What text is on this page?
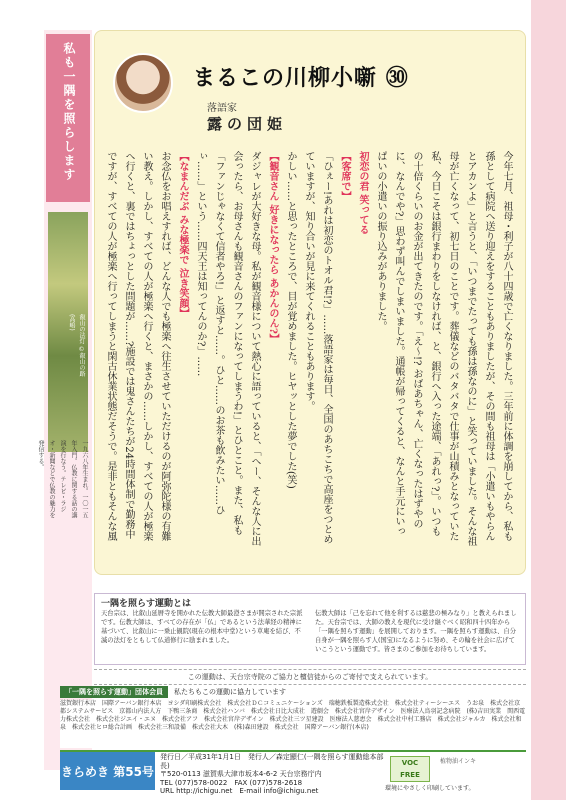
私も一隅を照らします
叡山の法灯 ©叡山の路(高嶋)
一九六八年生まれ。一〇一五年入門。仏教に関する話の講演を行なう。テレビ・ラジオ・新聞などで仏教の魅力を発信する。
まるこの川柳小噺 ㉚
落語家
露の団姫

今年七月、祖母・利子が八十四歳で亡くなりました。三年前に体調を崩してから、私も孫として病院へ送り迎えをすることもありましたが、その間も祖母は「小遣いもやらんとアカンよ」と言うと、「いつまでたっても孫は孫なのに」と笑っていました。そんな祖母が亡くなって、初七日のことです。葬儀などのバタバタで仕事が山積みとなっていた私、今日こそは銀行まわりをしなければ、と、銀行へ入った途端、「あれっ?」。いつもの十倍くらいのお金が出てきたのです。「え〜!? おばあちゃん、亡くなったはずやのに、なんでや?」思わず叫んでしまいました。通帳が帰ってくると、なんと手元にいっぱいの小遣いの振り込みがありました。

初恋の君 笑ってる

【客席で】

「ひぇー!あれは初恋のトオル君!?」……落語家は毎日、全国のあちこちで高座をつとめていますが、知り合いが見に来てくれることもあります。

かしい……と思ったところで、目が覚めました。ヒヤッとした夢でした(笑)

【観音さん 好きになったら あかんのん?】

ダジャレが大好きな母。私が観音様について熱心に語っていると、「へー、そんな人に出会ったら、お母さんも観音さんのファンになってしまうわ!」とひとこと。また、私も「ファンじゃなくて信者やろ!」と返すと……。ひと……のお茶も飲みたい……ひぃ……」という……四天王は知ってんのか?」……

【なまんだぶ みな極楽で 泣き笑顔】

お念仏をお唱えすれば、どんな人でも極楽へ往生させていただけるのが阿弥陀様の有難い教え。しかし、すべての人が極楽へ行くと、まさかの……しかし、すべての人が極楽へ行くと、裏ではちょっとした問題が……?施設では鬼さんたちが24時間体制で勤務中ですが、すべての人が極楽へ行ってしまうと閑古休業状態だそうで。是非ともそんな風

一隅を照らす運動とは
天台宗は、比叡山延暦寺を開かれた伝教大師最澄さまが開宗された宗派です。伝教大師は、すべての存在が「仏」であるという法華経の精神に基づいて、比叡山に一乗止観院(現在の根本中堂)という草庵を結び、不滅の法灯をともして仏道修行に励まれました。
伝教大師は「己を忘れて他を利するは慈悲の極みなり」と教えられました。天台宗では、大師の教えを現代に受け継ぐべく昭和四十四年から「一隅を照らす運動」を展開しております。一隅を照らす運動は、自分自身が一隅を照らす人(国宝)になるように努め、その輪を社会に広げていこうという運動です。皆さまのご参加をお待ちしています。
この運動は、天台宗寺院のご協力と檀信徒からのご寄付で支えられています。
「一隅を照らす運動」団体会員	私たちもこの運動に協力しています
滋賀銀行本店　国際アーバン銀行本店　ヨシダ印刷株式会社　株式会社ＤＣコミュニケーションズ　瑞穂鉄板製造株式会社　株式会社ティーシーエス　うお泉　株式会社京都システムサービス　京都山内法人方　下鴨三条商　株式会社ハンバ　株式会社日比大成社　遊劇会　株式会社宮岸デザイン　医療法人鳥羽記念病院　(株)吉田実業　関西電力株式会社　株式会社ジエイ・エヌ　株式会社アフ　株式会社宮岸デザイン　株式会社三ツ星建設　医療法人慈恵会　株式会社中村工務店　株式会社ジャルカ　株式会社和泉　株式会社ヒロ総合計画　株式会社三和設備　株式会社大木　(株)森田建設　株式会社　国際アーバン銀行(本店)
きらめき 第55号
発行日／平成31年1月1日　発行人／森定顯仁(一隅を照らす運動総本部長)
〒520-0113 滋賀県大津市坂本4-6-2 天台宗務庁内
TEL (077)578-0022　FAX (077)578-2618
URL http://ichigu.net　E-mail info@ichigu.net
VOC FREE
植物油インキ
環境にやさしく印刷しています。
